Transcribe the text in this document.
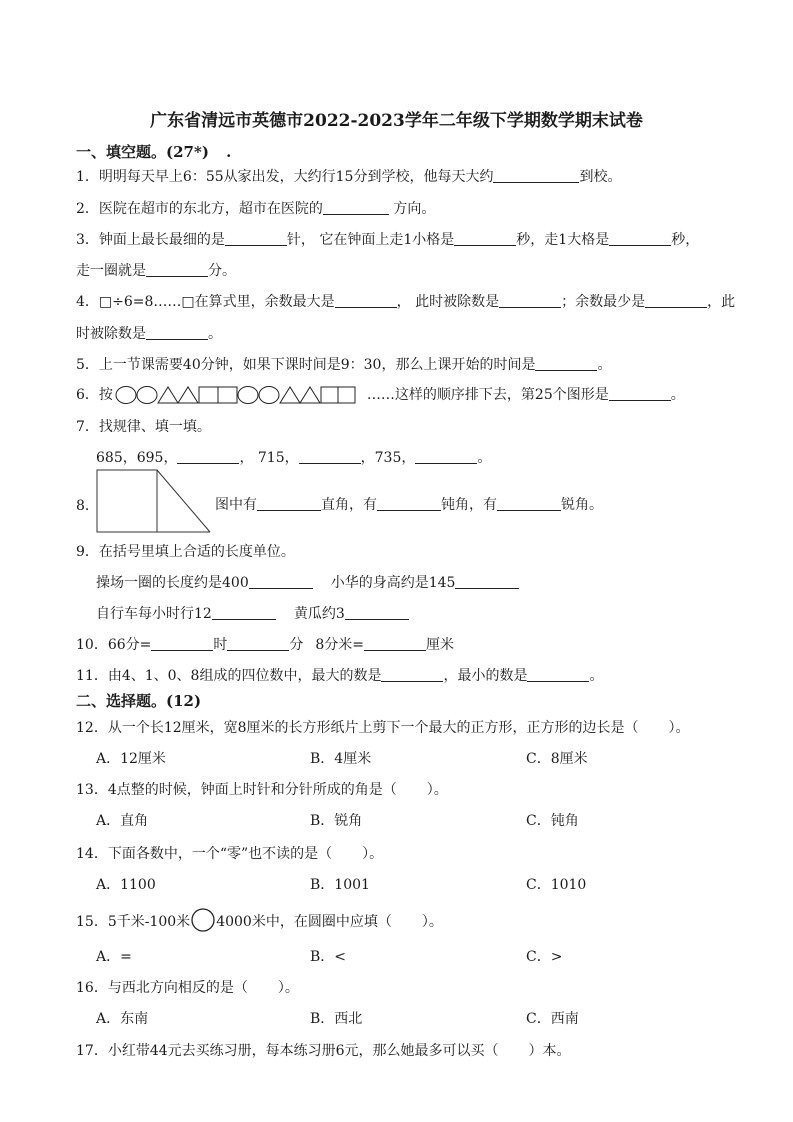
广东省清远市英德市2022-2023学年二年级下学期数学期末试卷
一、填空题。(27*) .
1．明明每天早上6：55从家出发，大约行15分到学校，他每天大约	到校。
2．医院在超市的东北方，超市在医院的	方向。
3．钟面上最长最细的是	针， 它在钟面上走1小格是	秒，走1大格是	秒，
走一圈就是	分。
4．□÷6=8……□在算式里，余数最大是	， 此时被除数是	；余数最少是	，此
时被除数是	。
5．上一节课需要40分钟，如果下课时间是9：30，那么上课开始的时间是	。
6．按	……这样的顺序排下去，第25个图形是	。
7．找规律、填一填。
685，695，	， 715，	，735，	。
8．	图中有	直角，有	钝角，有	锐角。
9．在括号里填上合适的长度单位。
操场一圈的长度约是400	小华的身高约是145
自行车每小时行12	黄瓜约3
10．66分=	时	分 8分米=	厘米
11．由4、1、0、8组成的四位数中，最大的数是	，最小的数是	。
二、选择题。(12)
12．从一个长12厘米，宽8厘米的长方形纸片上剪下一个最大的正方形，正方形的边长是（ ）。
A．12厘米	B．4厘米	C．8厘米
13．4点整的时候，钟面上时针和分针所成的角是（ ）。
A．直角	B．锐角	C．钝角
14．下面各数中，一个“零”也不读的是（ ）。
A．1100	B．1001	C．1010
15．5千米-100米 4000米中，在圆圈中应填（ ）。
A．=	B．<	C．>
16．与西北方向相反的是（ ）。
A．东南	B．西北	C．西南
17．小红带44元去买练习册，每本练习册6元，那么她最多可以买（ ）本。
